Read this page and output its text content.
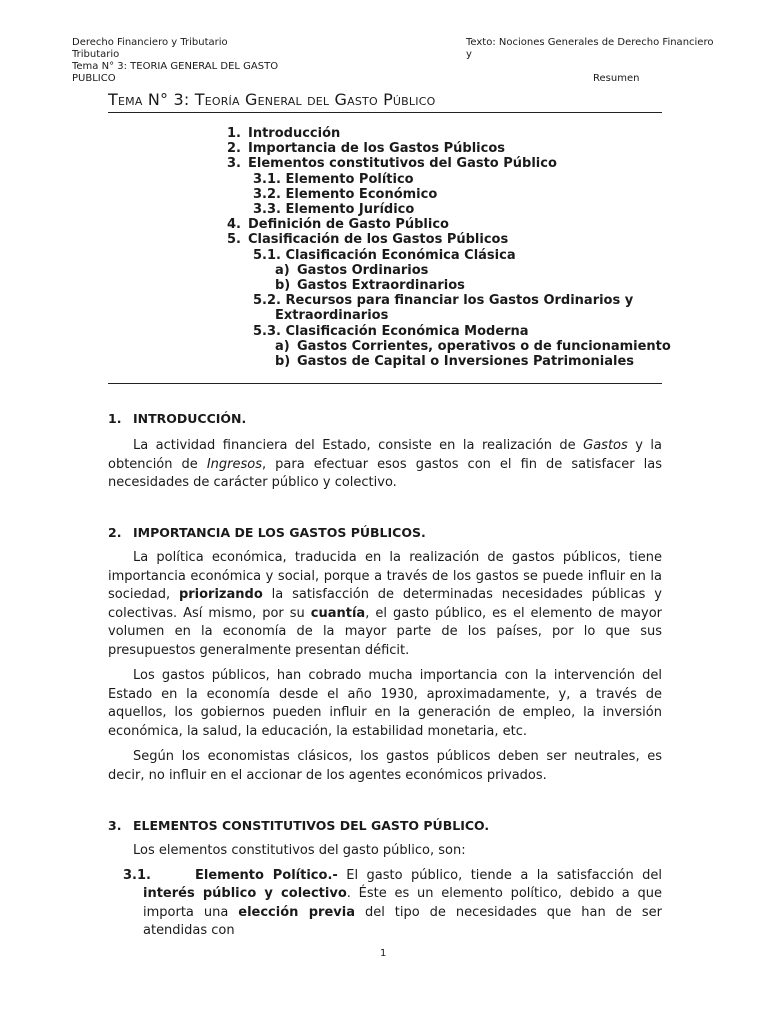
Derecho Financiero y Tributario
Tributario
Tema N° 3: TEORIA GENERAL DEL GASTO PUBLICO
Texto: Nociones Generales de Derecho Financiero y
Resumen
Tema N° 3: Teoría General del Gasto Público
1. Introducción
2. Importancia de los Gastos Públicos
3. Elementos constitutivos del Gasto Público
3.1. Elemento Político
3.2. Elemento Económico
3.3. Elemento Jurídico
4. Definición de Gasto Público
5. Clasificación de los Gastos Públicos
5.1. Clasificación Económica Clásica
a) Gastos Ordinarios
b) Gastos Extraordinarios
5.2. Recursos para financiar los Gastos Ordinarios y
Extraordinarios
5.3. Clasificación Económica Moderna
a) Gastos Corrientes, operativos o de funcionamiento
b) Gastos de Capital o Inversiones Patrimoniales
1. INTRODUCCIÓN.

La actividad financiera del Estado, consiste en la realización de Gastos y la obtención de Ingresos, para efectuar esos gastos con el fin de satisfacer las necesidades de carácter público y colectivo.

2. IMPORTANCIA DE LOS GASTOS PÚBLICOS.

La política económica, traducida en la realización de gastos públicos, tiene importancia económica y social, porque a través de los gastos se puede influir en la sociedad, priorizando la satisfacción de determinadas necesidades públicas y colectivas. Así mismo, por su cuantía, el gasto público, es el elemento de mayor volumen en la economía de la mayor parte de los países, por lo que sus presupuestos generalmente presentan déficit.

Los gastos públicos, han cobrado mucha importancia con la intervención del Estado en la economía desde el año 1930, aproximadamente, y, a través de aquellos, los gobiernos pueden influir en la generación de empleo, la inversión económica, la salud, la educación, la estabilidad monetaria, etc.

Según los economistas clásicos, los gastos públicos deben ser neutrales, es decir, no influir en el accionar de los agentes económicos privados.

3. ELEMENTOS CONSTITUTIVOS DEL GASTO PÚBLICO.

Los elementos constitutivos del gasto público, son:

3.1.	Elemento Político.- El gasto público, tiende a la satisfacción del interés público y colectivo. Éste es un elemento político, debido a que importa una elección previa del tipo de necesidades que han de ser atendidas con

1
